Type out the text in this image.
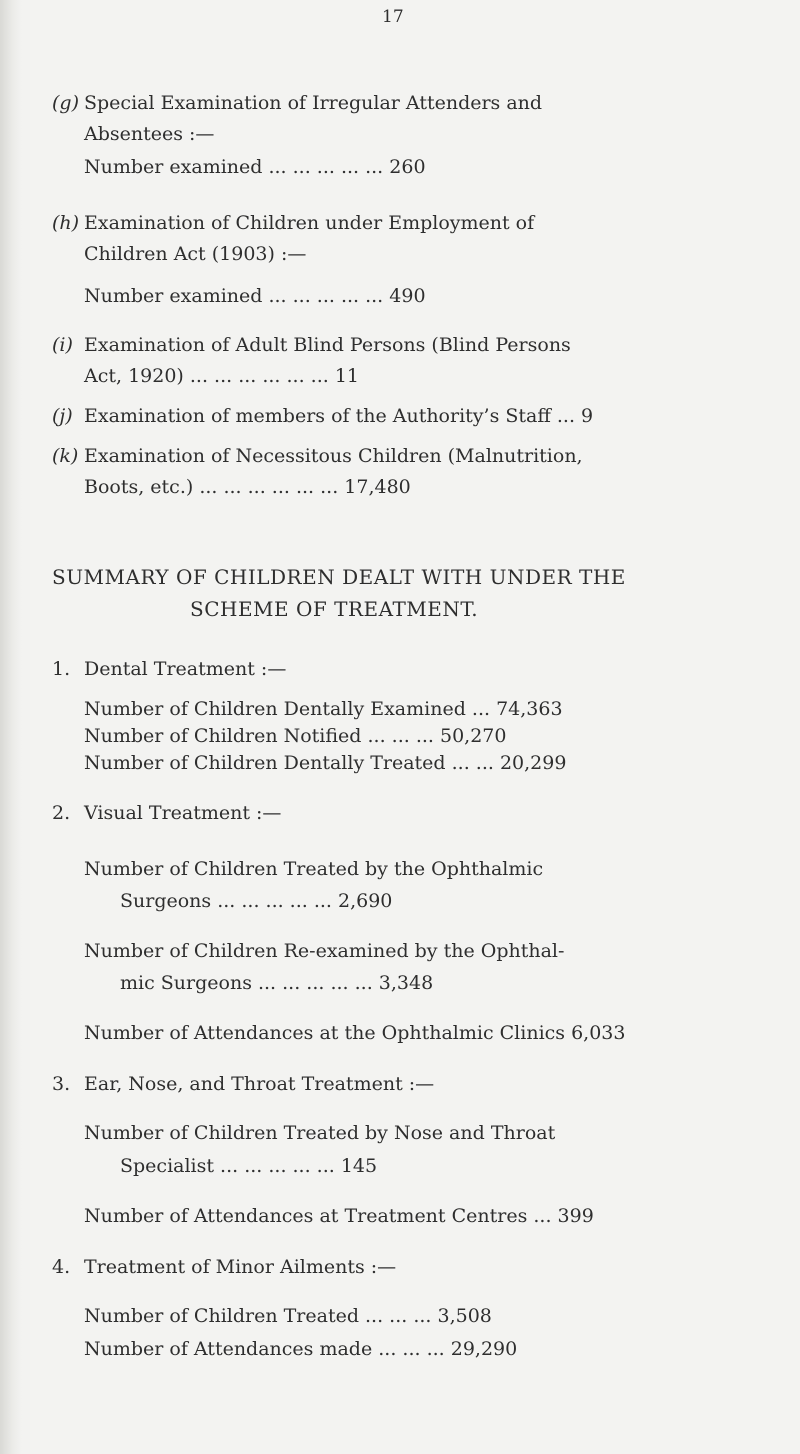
17
(g) Special Examination of Irregular Attenders and
Absentees :—
Number examined ... ... ... ... ... 260
(h) Examination of Children under Employment of
Children Act (1903) :—
Number examined ... ... ... ... ... 490
(i) Examination of Adult Blind Persons (Blind Persons
Act, 1920) ... ... ... ... ... ... 11
(j) Examination of members of the Authority’s Staff ... 9
(k) Examination of Necessitous Children (Malnutrition,
Boots, etc.) ... ... ... ... ... ... 17,480
SUMMARY OF CHILDREN DEALT WITH UNDER THE
SCHEME OF TREATMENT.
1. Dental Treatment :—
Number of Children Dentally Examined ... 74,363
Number of Children Notified ... ... ... 50,270
Number of Children Dentally Treated ... ... 20,299
2. Visual Treatment :—
Number of Children Treated by the Ophthalmic
Surgeons ... ... ... ... ... 2,690
Number of Children Re-examined by the Ophthal-
mic Surgeons ... ... ... ... ... 3,348
Number of Attendances at the Ophthalmic Clinics 6,033
3. Ear, Nose, and Throat Treatment :—
Number of Children Treated by Nose and Throat
Specialist ... ... ... ... ... 145
Number of Attendances at Treatment Centres ... 399
4. Treatment of Minor Ailments :—
Number of Children Treated ... ... ... 3,508
Number of Attendances made ... ... ... 29,290
